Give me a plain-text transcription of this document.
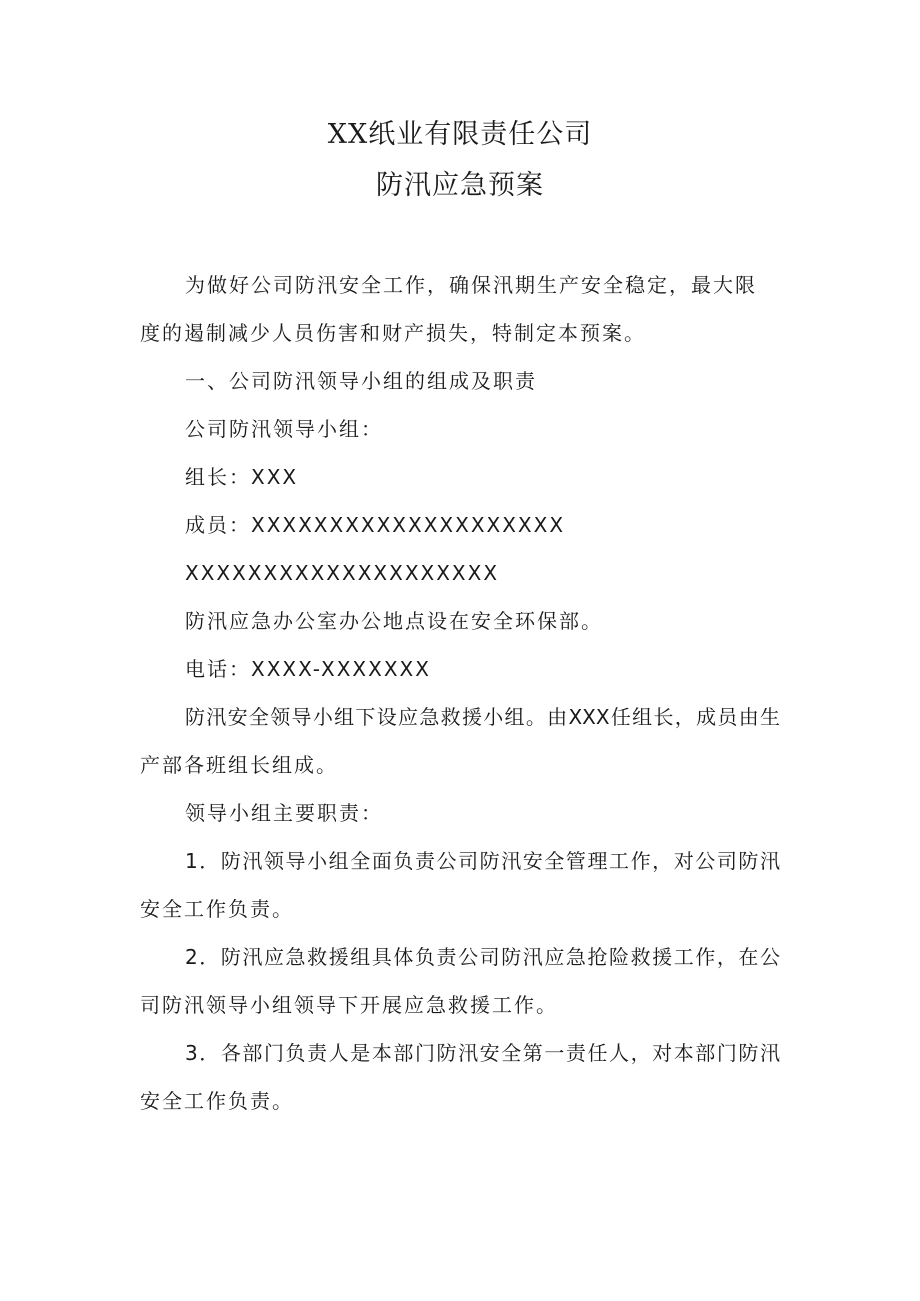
XX纸业有限责任公司
防汛应急预案
为做好公司防汛安全工作，确保汛期生产安全稳定，最大限
度的遏制减少人员伤害和财产损失，特制定本预案。
一、公司防汛领导小组的组成及职责
公司防汛领导小组：
组长：XXX
成员：XXXXXXXXXXXXXXXXXXXX
XXXXXXXXXXXXXXXXXXXX
防汛应急办公室办公地点设在安全环保部。
电话：XXXX-XXXXXXX
防汛安全领导小组下设应急救援小组。由XXX任组长，成员由生
产部各班组长组成。
领导小组主要职责：
1．防汛领导小组全面负责公司防汛安全管理工作，对公司防汛
安全工作负责。
2．防汛应急救援组具体负责公司防汛应急抢险救援工作，在公
司防汛领导小组领导下开展应急救援工作。
3．各部门负责人是本部门防汛安全第一责任人，对本部门防汛
安全工作负责。
